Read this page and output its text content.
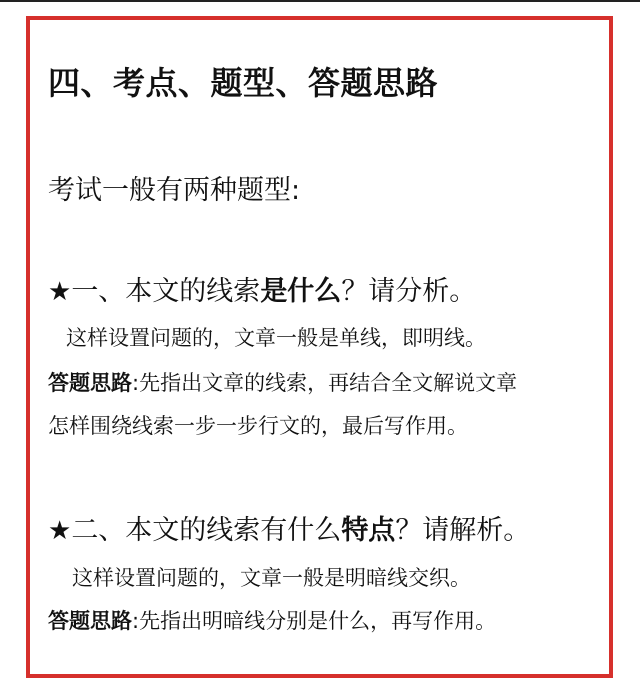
四、考点、题型、答题思路
考试一般有两种题型:
★一、本文的线索是什么？请分析。
这样设置问题的，文章一般是单线，即明线。
答题思路:先指出文章的线索，再结合全文解说文章
怎样围绕线索一步一步行文的，最后写作用。
★二、本文的线索有什么特点？请解析。
这样设置问题的，文章一般是明暗线交织。
答题思路:先指出明暗线分别是什么，再写作用。
